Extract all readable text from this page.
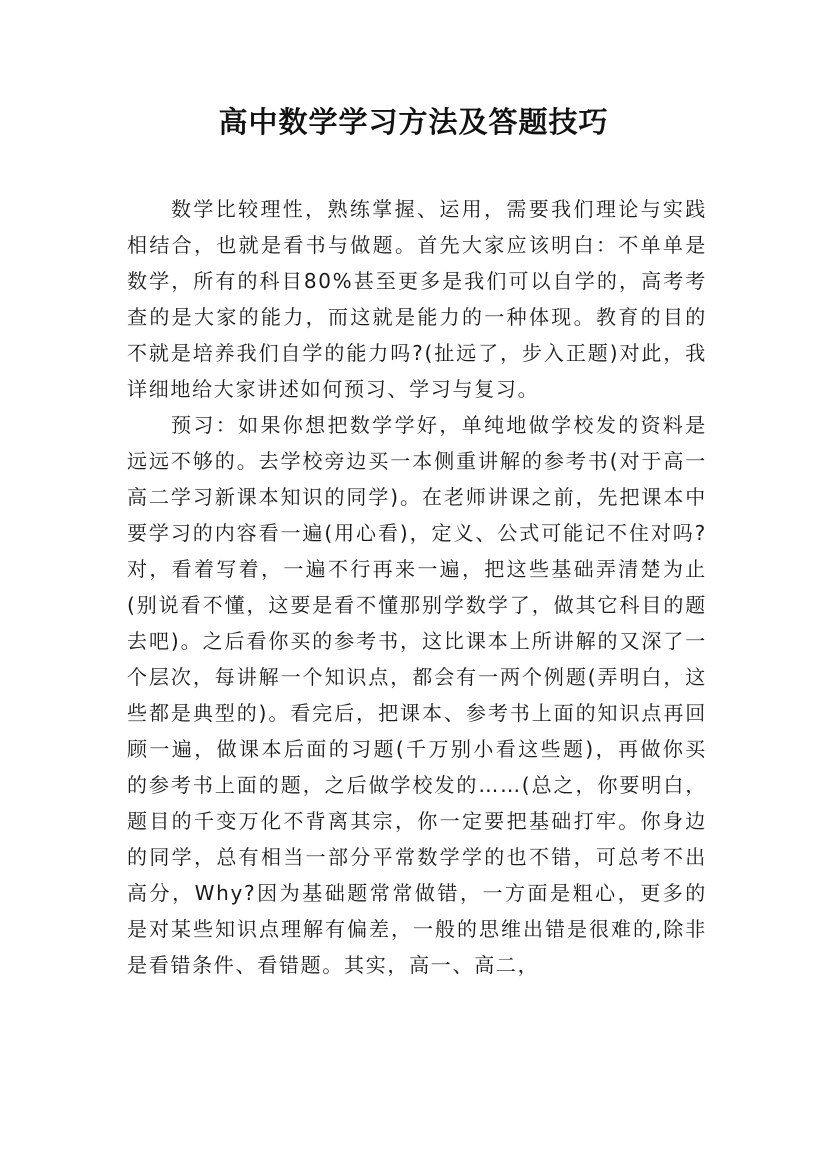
高中数学学习方法及答题技巧

数学比较理性，熟练掌握、运用，需要我们理论与实践相结合，也就是看书与做题。首先大家应该明白：不单单是数学，所有的科目80%甚至更多是我们可以自学的，高考考查的是大家的能力，而这就是能力的一种体现。教育的目的不就是培养我们自学的能力吗?(扯远了，步入正题)对此，我详细地给大家讲述如何预习、学习与复习。

预习：如果你想把数学学好，单纯地做学校发的资料是远远不够的。去学校旁边买一本侧重讲解的参考书(对于高一高二学习新课本知识的同学)。在老师讲课之前，先把课本中要学习的内容看一遍(用心看)，定义、公式可能记不住对吗?对，看着写着，一遍不行再来一遍，把这些基础弄清楚为止(别说看不懂，这要是看不懂那别学数学了，做其它科目的题去吧)。之后看你买的参考书，这比课本上所讲解的又深了一个层次，每讲解一个知识点，都会有一两个例题(弄明白，这些都是典型的)。看完后，把课本、参考书上面的知识点再回顾一遍，做课本后面的习题(千万别小看这些题)，再做你买的参考书上面的题，之后做学校发的……(总之，你要明白，题目的千变万化不背离其宗，你一定要把基础打牢。你身边的同学，总有相当一部分平常数学学的也不错，可总考不出高分，Why?因为基础题常常做错，一方面是粗心，更多的是对某些知识点理解有偏差，一般的思维出错是很难的,除非是看错条件、看错题。其实，高一、高二，
